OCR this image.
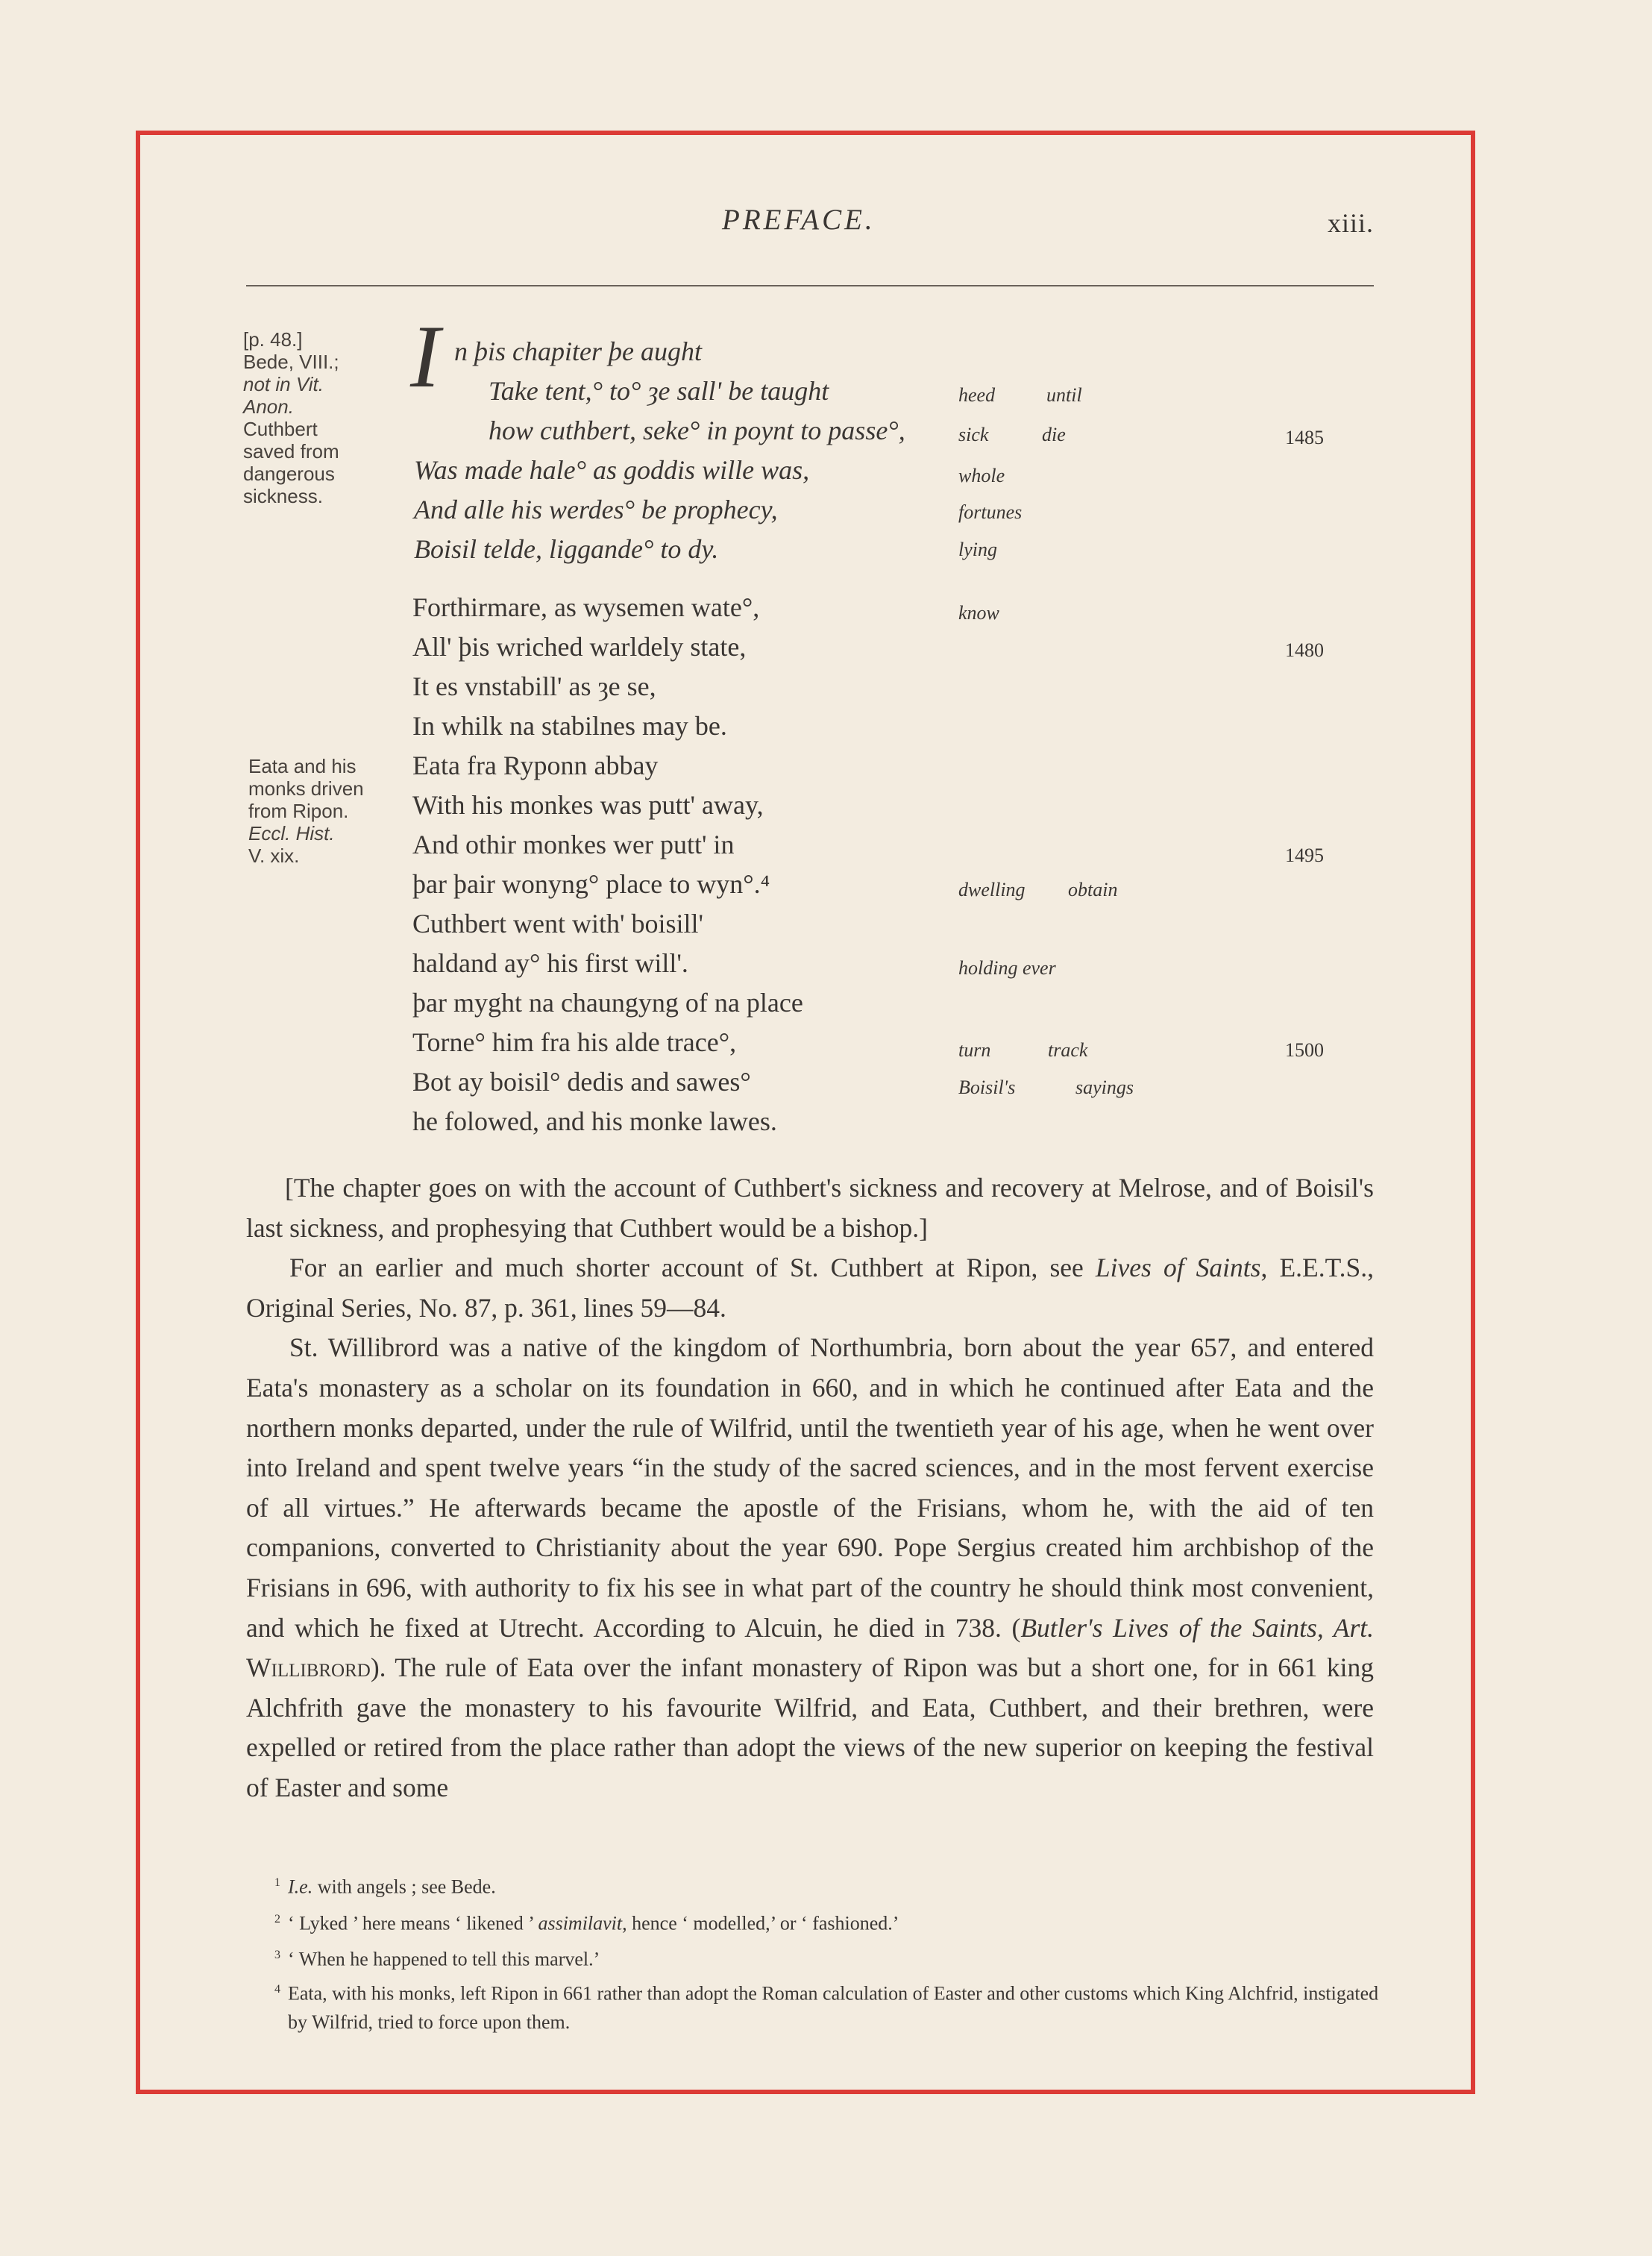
PREFACE.	xiii.
[p. 48.]
Bede, VIII.;
not in Vit.
Anon.
Cuthbert
saved from
dangerous
sickness.
Eata and his
monks driven
from Ripon.
Eccl. Hist.
V. xix.
I n þis chapiter þe aught
Take tent,° to° ȝe sall' be taught
how cuthbert, seke° in poynt to passe°,
Was made hale° as goddis wille was,
And alle his werdes° be prophecy,
Boisil telde, liggande° to dy.
Forthirmare, as wysemen wate°,
All' þis wriched warldely state,
It es vnstabill' as ȝe se,
In whilk na stabilnes may be.
Eata fra Ryponn abbay
With his monkes was putt' away,
And othir monkes wer putt' in
þar þair wonyng° place to wyn°.⁴
Cuthbert went with' boisill'
haldand ay° his first will'.
þar myght na chaungyng of na place
Torne° him fra his alde trace°,
Bot ay boisil° dedis and sawes°
he folowed, and his monke lawes.
heed	until
sick	die
whole
fortunes
lying
know
dwelling obtain
holding ever
turn	track
Boisil's	sayings
1485
1480
1495
1500

[The chapter goes on with the account of Cuthbert's sickness and recovery at Melrose, and of Boisil's last sickness, and prophesying that Cuthbert would be a bishop.]

For an earlier and much shorter account of St. Cuthbert at Ripon, see Lives of Saints, E.E.T.S., Original Series, No. 87, p. 361, lines 59—84.

St. Willibrord was a native of the kingdom of Northumbria, born about the year 657, and entered Eata's monastery as a scholar on its foundation in 660, and in which he continued after Eata and the northern monks departed, under the rule of Wilfrid, until the twentieth year of his age, when he went over into Ireland and spent twelve years “in the study of the sacred sciences, and in the most fervent exercise of all virtues.” He afterwards became the apostle of the Frisians, whom he, with the aid of ten companions, converted to Christianity about the year 690. Pope Sergius created him archbishop of the Frisians in 696, with authority to fix his see in what part of the country he should think most convenient, and which he fixed at Utrecht. According to Alcuin, he died in 738. (Butler's Lives of the Saints, Art. Willibrord). The rule of Eata over the infant monastery of Ripon was but a short one, for in 661 king Alchfrith gave the monastery to his favourite Wilfrid, and Eata, Cuthbert, and their brethren, were expelled or retired from the place rather than adopt the views of the new superior on keeping the festival of Easter and some

$^1$ I.e. with angels ; see Bede.

$^2$ ‘ Lyked ’ here means ‘ likened ’ assimilavit, hence ‘ modelled,’ or ‘ fashioned.’

$^3$ ‘ When he happened to tell this marvel.’

$^4$ Eata, with his monks, left Ripon in 661 rather than adopt the Roman calculation of Easter and other customs which King Alchfrid, instigated by Wilfrid, tried to force upon them.
